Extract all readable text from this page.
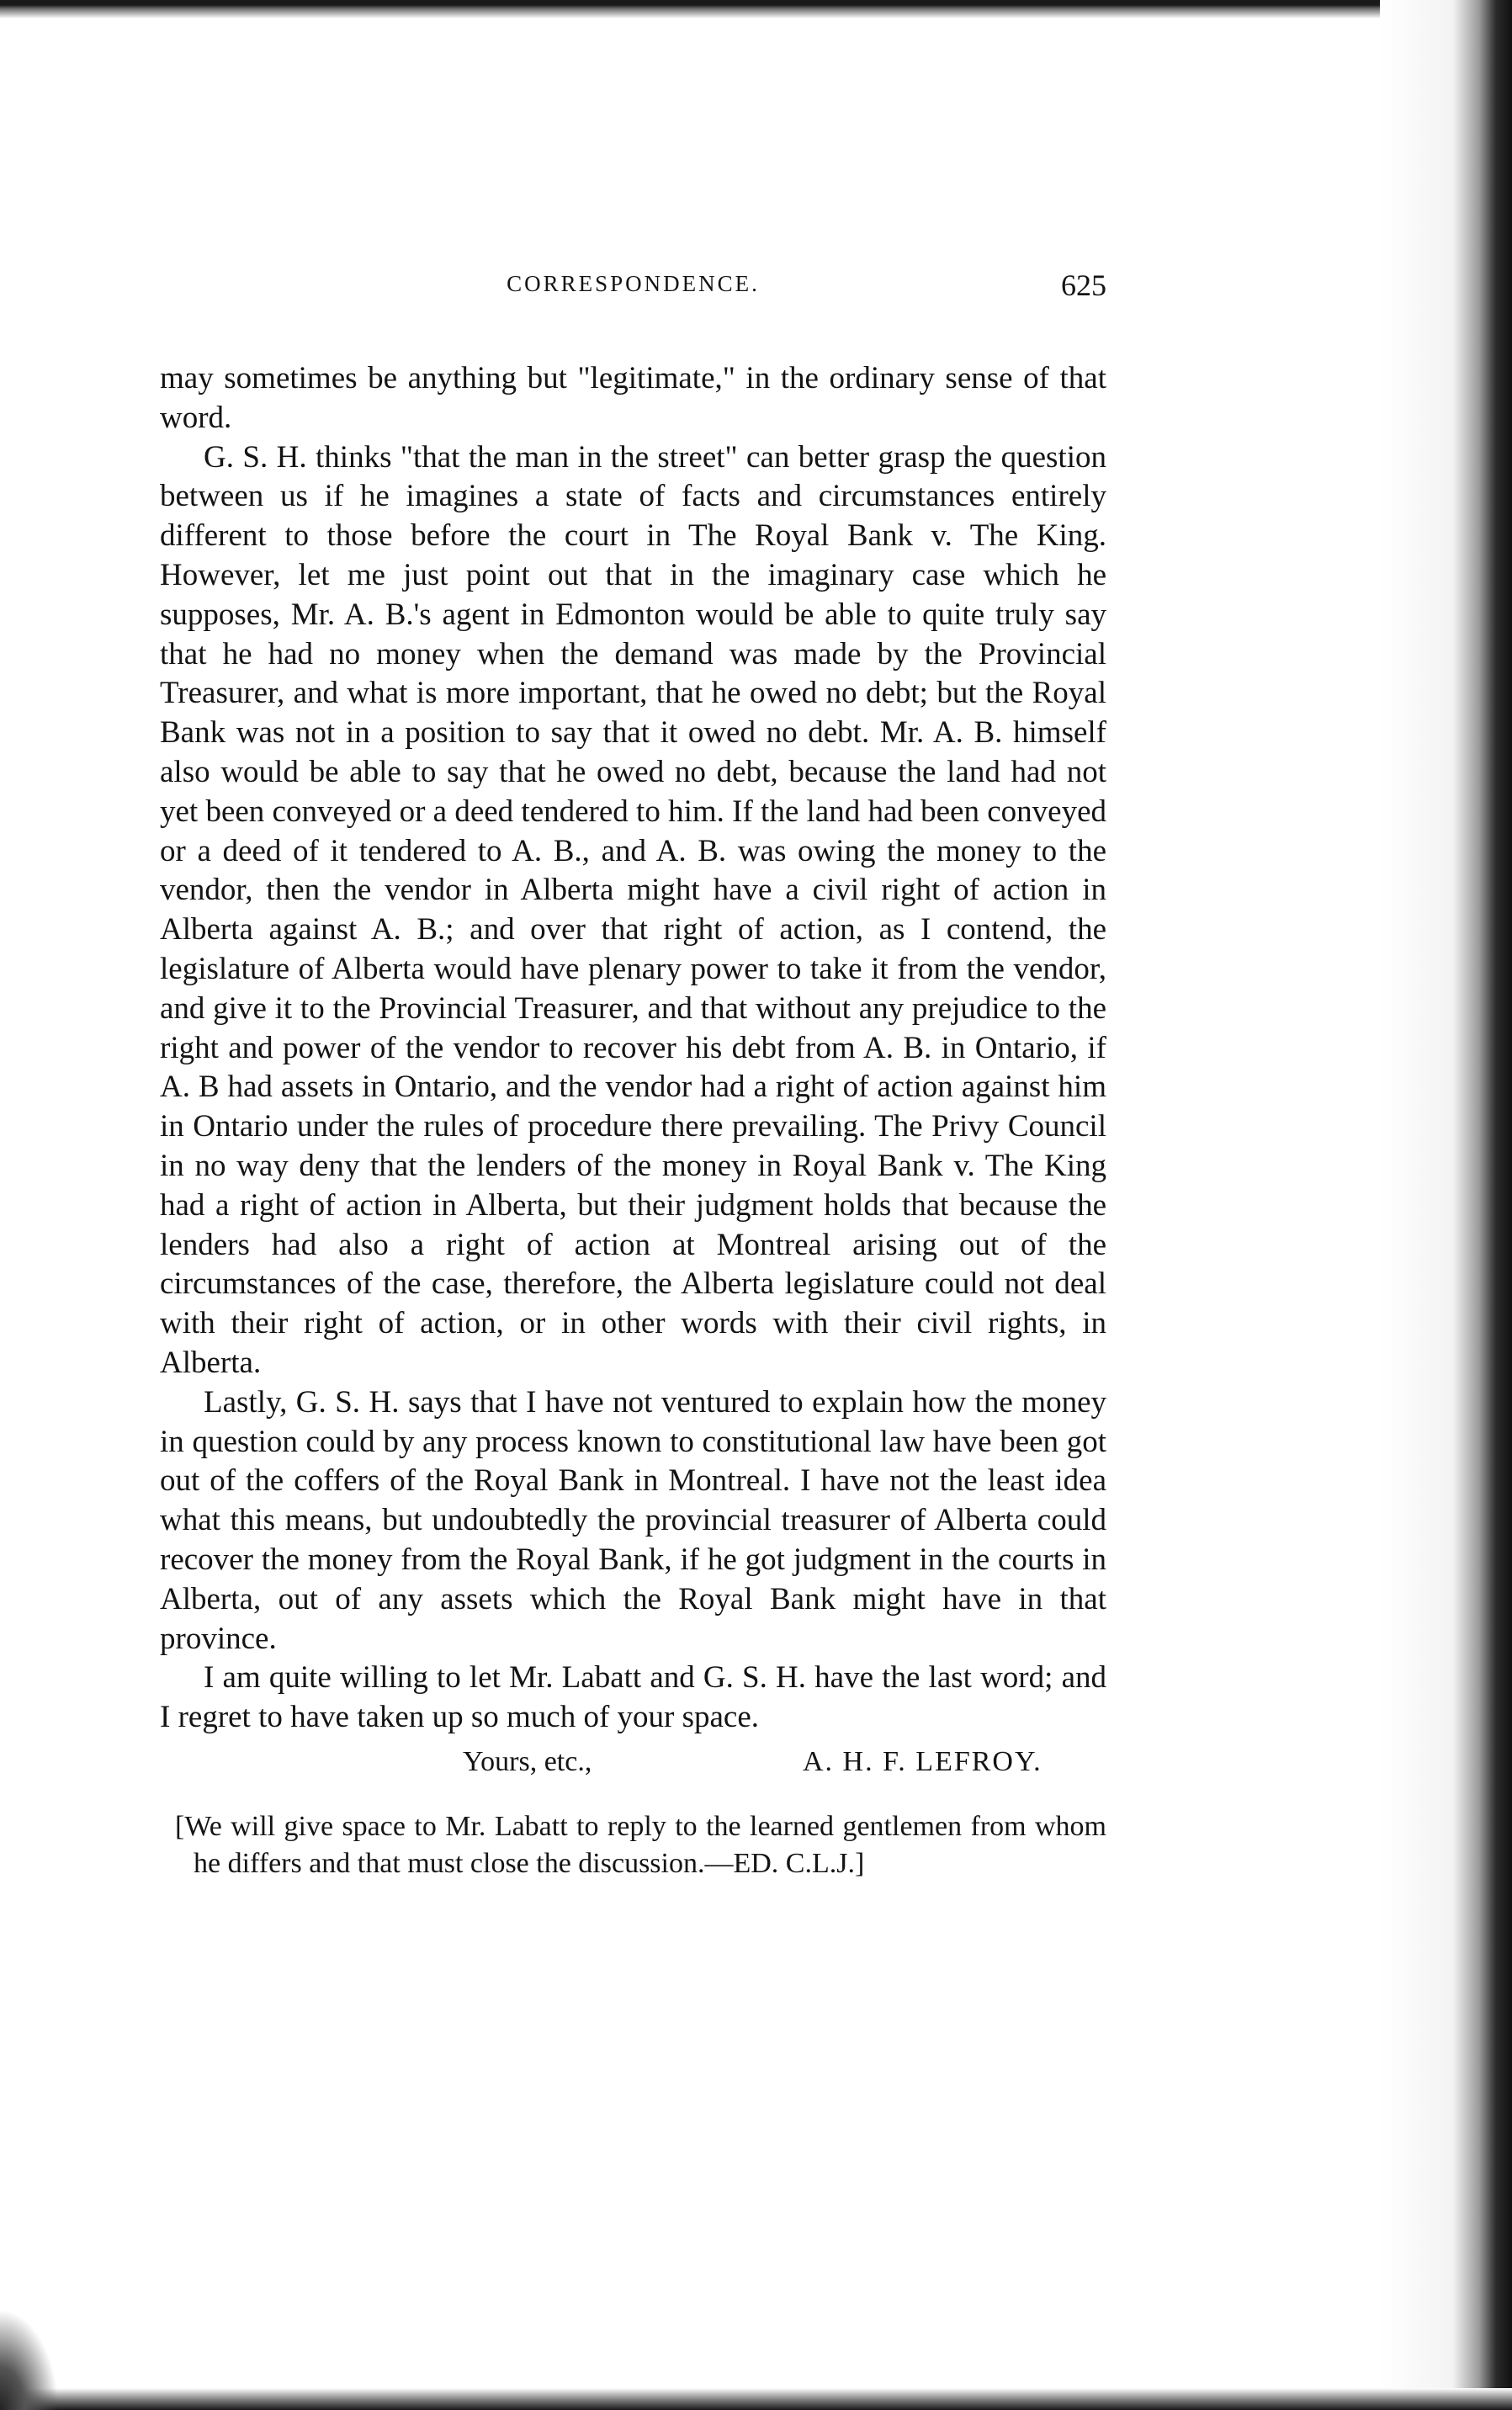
CORRESPONDENCE.	625

may sometimes be anything but "legitimate," in the ordinary sense of that word.

G. S. H. thinks "that the man in the street" can better grasp the question between us if he imagines a state of facts and circumstances entirely different to those before the court in The Royal Bank v. The King. However, let me just point out that in the imaginary case which he supposes, Mr. A. B.'s agent in Edmonton would be able to quite truly say that he had no money when the demand was made by the Provincial Treasurer, and what is more important, that he owed no debt; but the Royal Bank was not in a position to say that it owed no debt. Mr. A. B. himself also would be able to say that he owed no debt, because the land had not yet been conveyed or a deed tendered to him. If the land had been conveyed or a deed of it tendered to A. B., and A. B. was owing the money to the vendor, then the vendor in Alberta might have a civil right of action in Alberta against A. B.; and over that right of action, as I contend, the legislature of Alberta would have plenary power to take it from the vendor, and give it to the Provincial Treasurer, and that without any prejudice to the right and power of the vendor to recover his debt from A. B. in Ontario, if A. B had assets in Ontario, and the vendor had a right of action against him in Ontario under the rules of procedure there prevailing. The Privy Council in no way deny that the lenders of the money in Royal Bank v. The King had a right of action in Alberta, but their judgment holds that because the lenders had also a right of action at Montreal arising out of the circumstances of the case, therefore, the Alberta legislature could not deal with their right of action, or in other words with their civil rights, in Alberta.

Lastly, G. S. H. says that I have not ventured to explain how the money in question could by any process known to constitutional law have been got out of the coffers of the Royal Bank in Montreal. I have not the least idea what this means, but undoubtedly the provincial treasurer of Alberta could recover the money from the Royal Bank, if he got judgment in the courts in Alberta, out of any assets which the Royal Bank might have in that province.

I am quite willing to let Mr. Labatt and G. S. H. have the last word; and I regret to have taken up so much of your space.

Yours, etc.,	A. H. F. LEFROY.

[We will give space to Mr. Labatt to reply to the learned gentlemen from whom he differs and that must close the discussion.—ED. C.L.J.]
